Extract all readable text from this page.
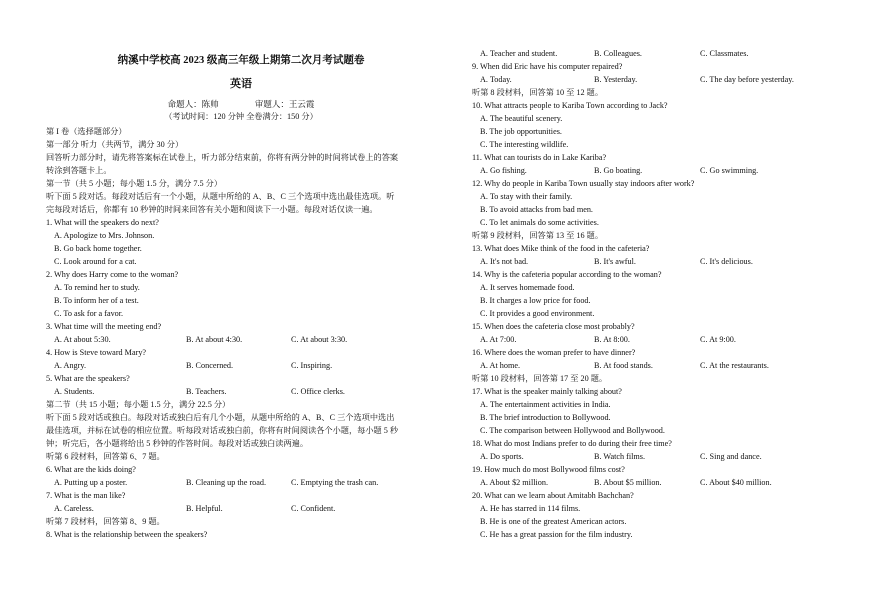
纳溪中学校高 2023 级高三年级上期第二次月考试题卷
英语
命题人：陈帅	审题人：王云霞
（考试时间：120 分钟 全卷满分：150 分）
第 I 卷（选择题部分）
第一部分 听力（共两节，满分 30 分）
回答听力部分时，请先将答案标在试卷上，听力部分结束前，你将有两分钟的时间将试卷上的答案
转涂到答题卡上。
第一节（共 5 小题；每小题 1.5 分，满分 7.5 分）
听下面 5 段对话。每段对话后有一个小题，从题中所给的 A、B、C 三个选项中选出最佳选项。听
完每段对话后，你都有 10 秒钟的时间来回答有关小题和阅读下一小题。每段对话仅读一遍。
1. What will the speakers do next?
A. Apologize to Mrs. Johnson.
B. Go back home together.
C. Look around for a cat.
2. Why does Harry come to the woman?
A. To remind her to study.
B. To inform her of a test.
C. To ask for a favor.
3. What time will the meeting end?
A. At about 5:30.	B. At about 4:30.	C. At about 3:30.
4. How is Steve toward Mary?
A. Angry.	B. Concerned.	C. Inspiring.
5. What are the speakers?
A. Students.	B. Teachers.	C. Office clerks.
第二节（共 15 小题；每小题 1.5 分，满分 22.5 分）
听下面 5 段对话或独白。每段对话或独白后有几个小题，从题中所给的 A、B、C 三个选项中选出
最佳选项，并标在试卷的相应位置。听每段对话或独白前，你将有时间阅读各个小题，每小题 5 秒
钟；听完后，各小题将给出 5 秒钟的作答时间。每段对话或独白读两遍。
听第 6 段材料，回答第 6、7 题。
6. What are the kids doing?
A. Putting up a poster.	B. Cleaning up the road.	C. Emptying the trash can.
7. What is the man like?
A. Careless.	B. Helpful.	C. Confident.
听第 7 段材料，回答第 8、9 题。
8. What is the relationship between the speakers?
A. Teacher and student.	B. Colleagues.	C. Classmates.
9. When did Eric have his computer repaired?
A. Today.	B. Yesterday.	C. The day before yesterday.
听第 8 段材料，回答第 10 至 12 题。
10. What attracts people to Kariba Town according to Jack?
A. The beautiful scenery.
B. The job opportunities.
C. The interesting wildlife.
11. What can tourists do in Lake Kariba?
A. Go fishing.	B. Go boating.	C. Go swimming.
12. Why do people in Kariba Town usually stay indoors after work?
A. To stay with their family.
B. To avoid attacks from bad men.
C. To let animals do some activities.
听第 9 段材料，回答第 13 至 16 题。
13. What does Mike think of the food in the cafeteria?
A. It's not bad.	B. It's awful.	C. It's delicious.
14. Why is the cafeteria popular according to the woman?
A. It serves homemade food.
B. It charges a low price for food.
C. It provides a good environment.
15. When does the cafeteria close most probably?
A. At 7:00.	B. At 8:00.	C. At 9:00.
16. Where does the woman prefer to have dinner?
A. At home.	B. At food stands.	C. At the restaurants.
听第 10 段材料，回答第 17 至 20 题。
17. What is the speaker mainly talking about?
A. The entertainment activities in India.
B. The brief introduction to Bollywood.
C. The comparison between Hollywood and Bollywood.
18. What do most Indians prefer to do during their free time?
A. Do sports.	B. Watch films.	C. Sing and dance.
19. How much do most Bollywood films cost?
A. About $2 million.	B. About $5 million.	C. About $40 million.
20. What can we learn about Amitabh Bachchan?
A. He has starred in 114 films.
B. He is one of the greatest American actors.
C. He has a great passion for the film industry.
